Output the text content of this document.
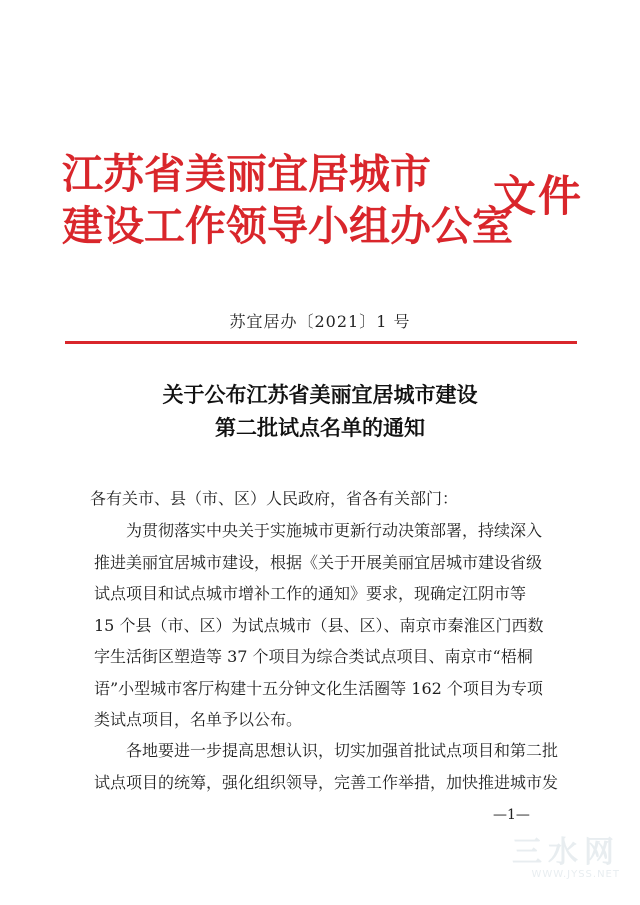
江苏省美丽宜居城市
建设工作领导小组办公室
文件
苏宜居办〔2021〕1 号
关于公布江苏省美丽宜居城市建设
第二批试点名单的通知
各有关市、县（市、区）人民政府，省各有关部门：
　　为贯彻落实中央关于实施城市更新行动决策部署，持续深入
推进美丽宜居城市建设，根据《关于开展美丽宜居城市建设省级
试点项目和试点城市增补工作的通知》要求，现确定江阴市等
15 个县（市、区）为试点城市（县、区）、南京市秦淮区门西数
字生活街区塑造等 37 个项目为综合类试点项目、南京市“梧桐
语”小型城市客厅构建十五分钟文化生活圈等 162 个项目为专项
类试点项目，名单予以公布。
　　各地要进一步提高思想认识，切实加强首批试点项目和第二批
试点项目的统筹，强化组织领导，完善工作举措，加快推进城市发
—1—
三水网
WWW.JYSS.NET
